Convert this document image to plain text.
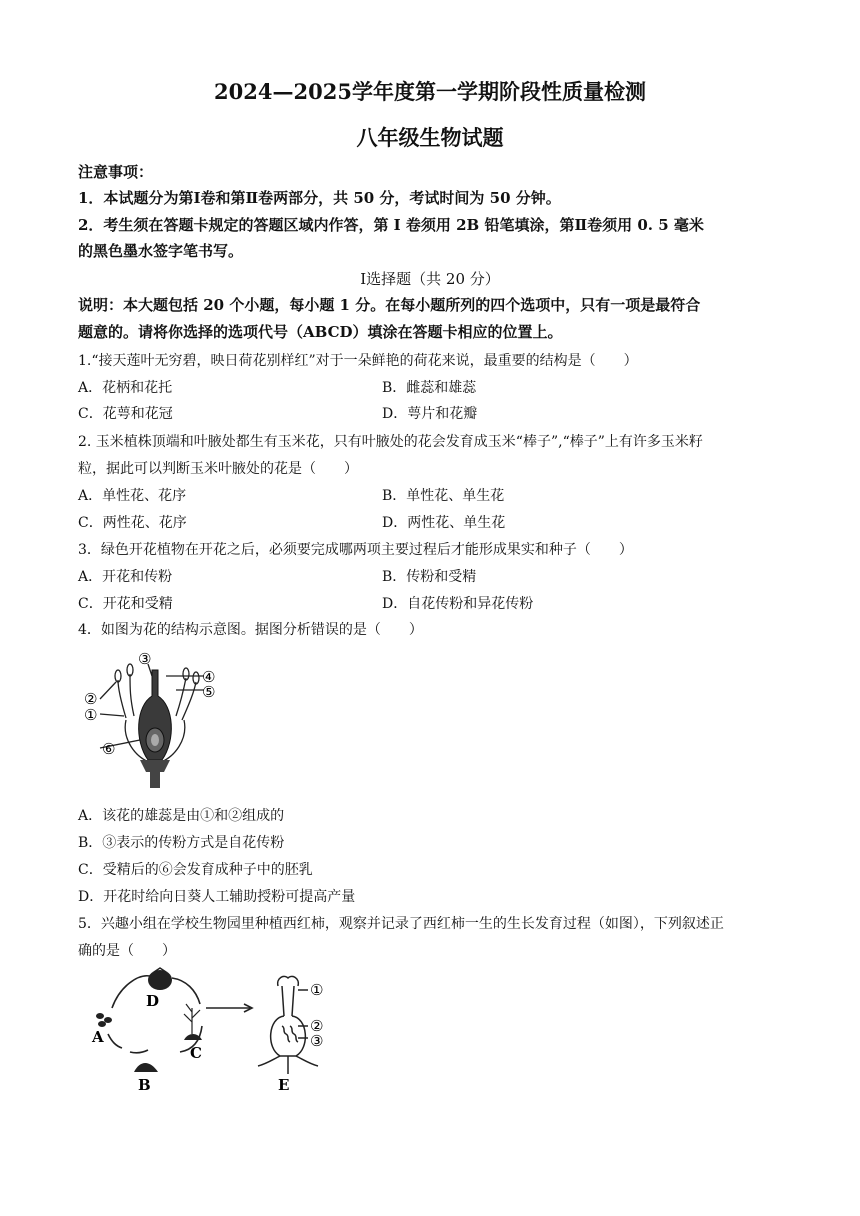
2024—2025学年度第一学期阶段性质量检测
八年级生物试题
注意事项：
1．本试题分为第Ⅰ卷和第Ⅱ卷两部分，共 50 分，考试时间为 50 分钟。
2．考生须在答题卡规定的答题区域内作答，第 I 卷须用 2B 铅笔填涂，第Ⅱ卷须用 0. 5 毫米
的黑色墨水签字笔书写。
Ⅰ选择题（共 20 分）
说明：本大题包括 20 个小题，每小题 1 分。在每小题所列的四个选项中，只有一项是最符合
题意的。请将你选择的选项代号（ABCD）填涂在答题卡相应的位置上。
1.“接天莲叶无穷碧，映日荷花别样红”对于一朵鲜艳的荷花来说，最重要的结构是（　　）
A．花柄和花托	B．雌蕊和雄蕊
C．花萼和花冠	D．萼片和花瓣
2. 玉米植株顶端和叶腋处都生有玉米花，只有叶腋处的花会发育成玉米“棒子”,“棒子”上有许多玉米籽
粒，据此可以判断玉米叶腋处的花是（　　）
A．单性花、花序	B．单性花、单生花
C．两性花、花序	D．两性花、单生花
3．绿色开花植物在开花之后，必须要完成哪两项主要过程后才能形成果实和种子（　　）
A．开花和传粉	B．传粉和受精
C．开花和受精	D．自花传粉和异花传粉
4．如图为花的结构示意图。据图分析错误的是（　　）
③
④
⑤
②
①
⑥
A．该花的雄蕊是由①和②组成的
B．③表示的传粉方式是自花传粉
C．受精后的⑥会发育成种子中的胚乳
D．开花时给向日葵人工辅助授粉可提高产量
5．兴趣小组在学校生物园里种植西红柿，观察并记录了西红柿一生的生长发育过程（如图），下列叙述正
确的是（　　）
D
A
C
B	E
①
②
③
